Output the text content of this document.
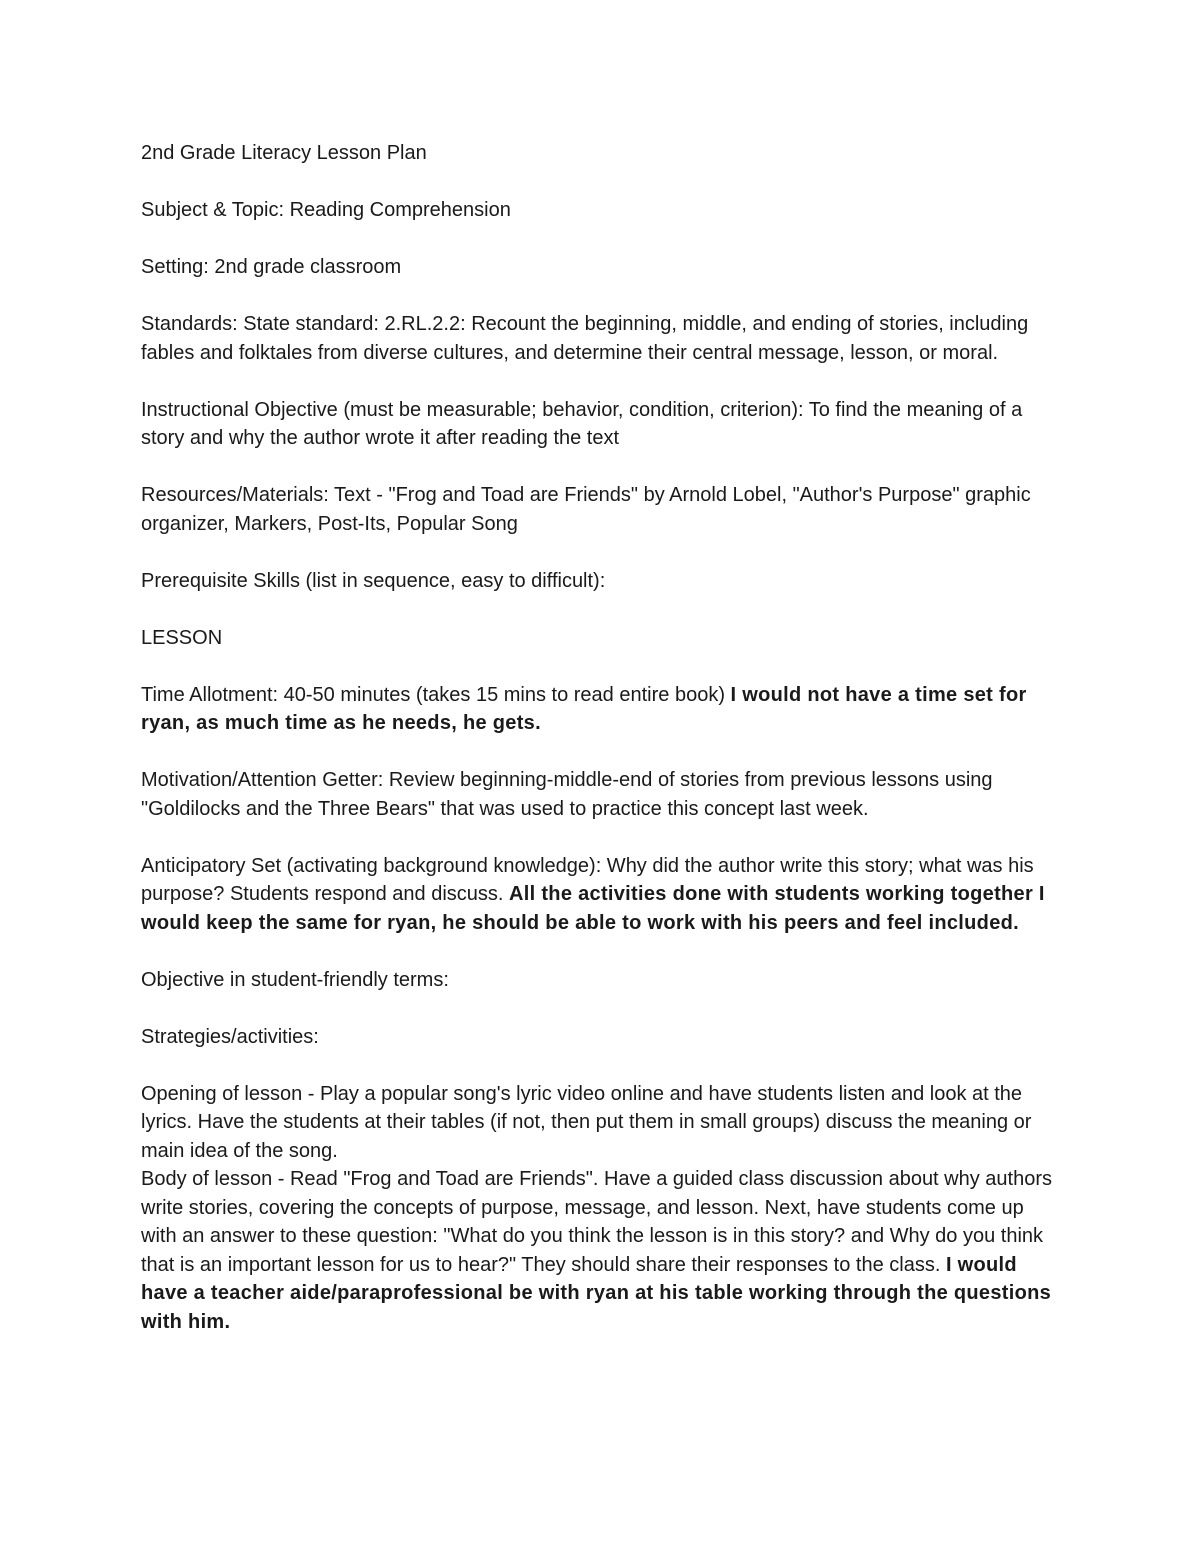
2nd Grade Literacy Lesson Plan

Subject & Topic: Reading Comprehension

Setting: 2nd grade classroom

Standards: State standard: 2.RL.2.2: Recount the beginning, middle, and ending of stories, including fables and folktales from diverse cultures, and determine their central message, lesson, or moral.

Instructional Objective (must be measurable; behavior, condition, criterion): To find the meaning of a story and why the author wrote it after reading the text

Resources/Materials: Text - "Frog and Toad are Friends" by Arnold Lobel, "Author's Purpose" graphic organizer, Markers, Post-Its, Popular Song

Prerequisite Skills (list in sequence, easy to difficult):

LESSON

Time Allotment: 40-50 minutes (takes 15 mins to read entire book) I would not have a time set for ryan, as much time as he needs, he gets.

Motivation/Attention Getter: Review beginning-middle-end of stories from previous lessons using "Goldilocks and the Three Bears" that was used to practice this concept last week.

Anticipatory Set (activating background knowledge): Why did the author write this story; what was his purpose? Students respond and discuss. All the activities done with students working together I would keep the same for ryan, he should be able to work with his peers and feel included.

Objective in student-friendly terms:

Strategies/activities:

Opening of lesson - Play a popular song's lyric video online and have students listen and look at the lyrics. Have the students at their tables (if not, then put them in small groups) discuss the meaning or main idea of the song.

Body of lesson - Read "Frog and Toad are Friends". Have a guided class discussion about why authors write stories, covering the concepts of purpose, message, and lesson. Next, have students come up with an answer to these question: "What do you think the lesson is in this story? and Why do you think that is an important lesson for us to hear?" They should share their responses to the class. I would have a teacher aide/paraprofessional be with ryan at his table working through the questions with him.
